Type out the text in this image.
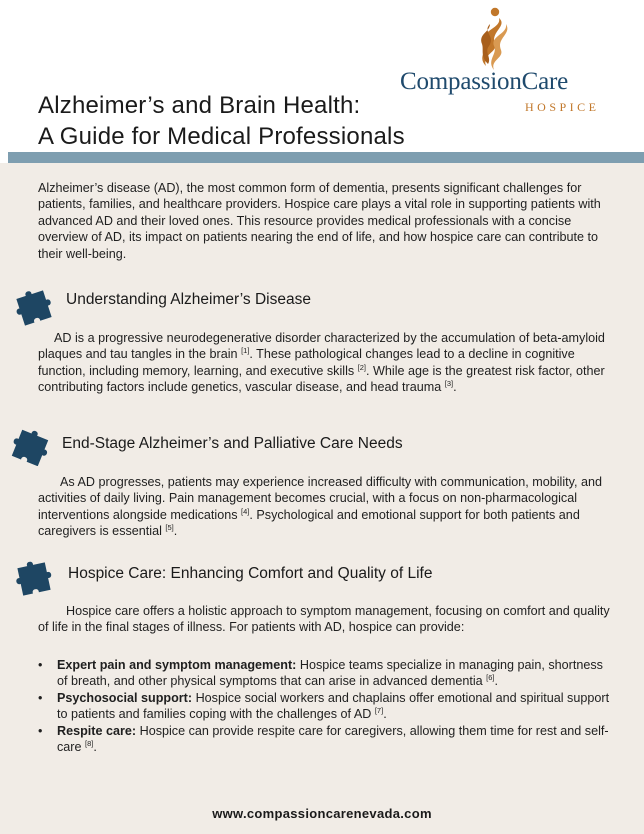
Alzheimer’s and Brain Health:
A Guide for Medical Professionals
CompassionCare
HOSPICE

Alzheimer’s disease (AD), the most common form of dementia, presents significant challenges for patients, families, and healthcare providers. Hospice care plays a vital role in supporting patients with advanced AD and their loved ones. This resource provides medical professionals with a concise overview of AD, its impact on patients nearing the end of life, and how hospice care can contribute to their well-being.

Understanding Alzheimer’s Disease

AD is a progressive neurodegenerative disorder characterized by the accumulation of beta-amyloid plaques and tau tangles in the brain [1]. These pathological changes lead to a decline in cognitive function, including memory, learning, and executive skills [2]. While age is the greatest risk factor, other contributing factors include genetics, vascular disease, and head trauma [3].

End-Stage Alzheimer’s and Palliative Care Needs

As AD progresses, patients may experience increased difficulty with communication, mobility, and activities of daily living. Pain management becomes crucial, with a focus on non-pharmacological interventions alongside medications [4]. Psychological and emotional support for both patients and caregivers is essential [5].

Hospice Care: Enhancing Comfort and Quality of Life

Hospice care offers a holistic approach to symptom management, focusing on comfort and quality of life in the final stages of illness. For patients with AD, hospice can provide:

• Expert pain and symptom management: Hospice teams specialize in managing pain, shortness of breath, and other physical symptoms that can arise in advanced dementia [6].
• Psychosocial support: Hospice social workers and chaplains offer emotional and spiritual support to patients and families coping with the challenges of AD [7].
• Respite care: Hospice can provide respite care for caregivers, allowing them time for rest and self-care [8].
www.compassioncarenevada.com
